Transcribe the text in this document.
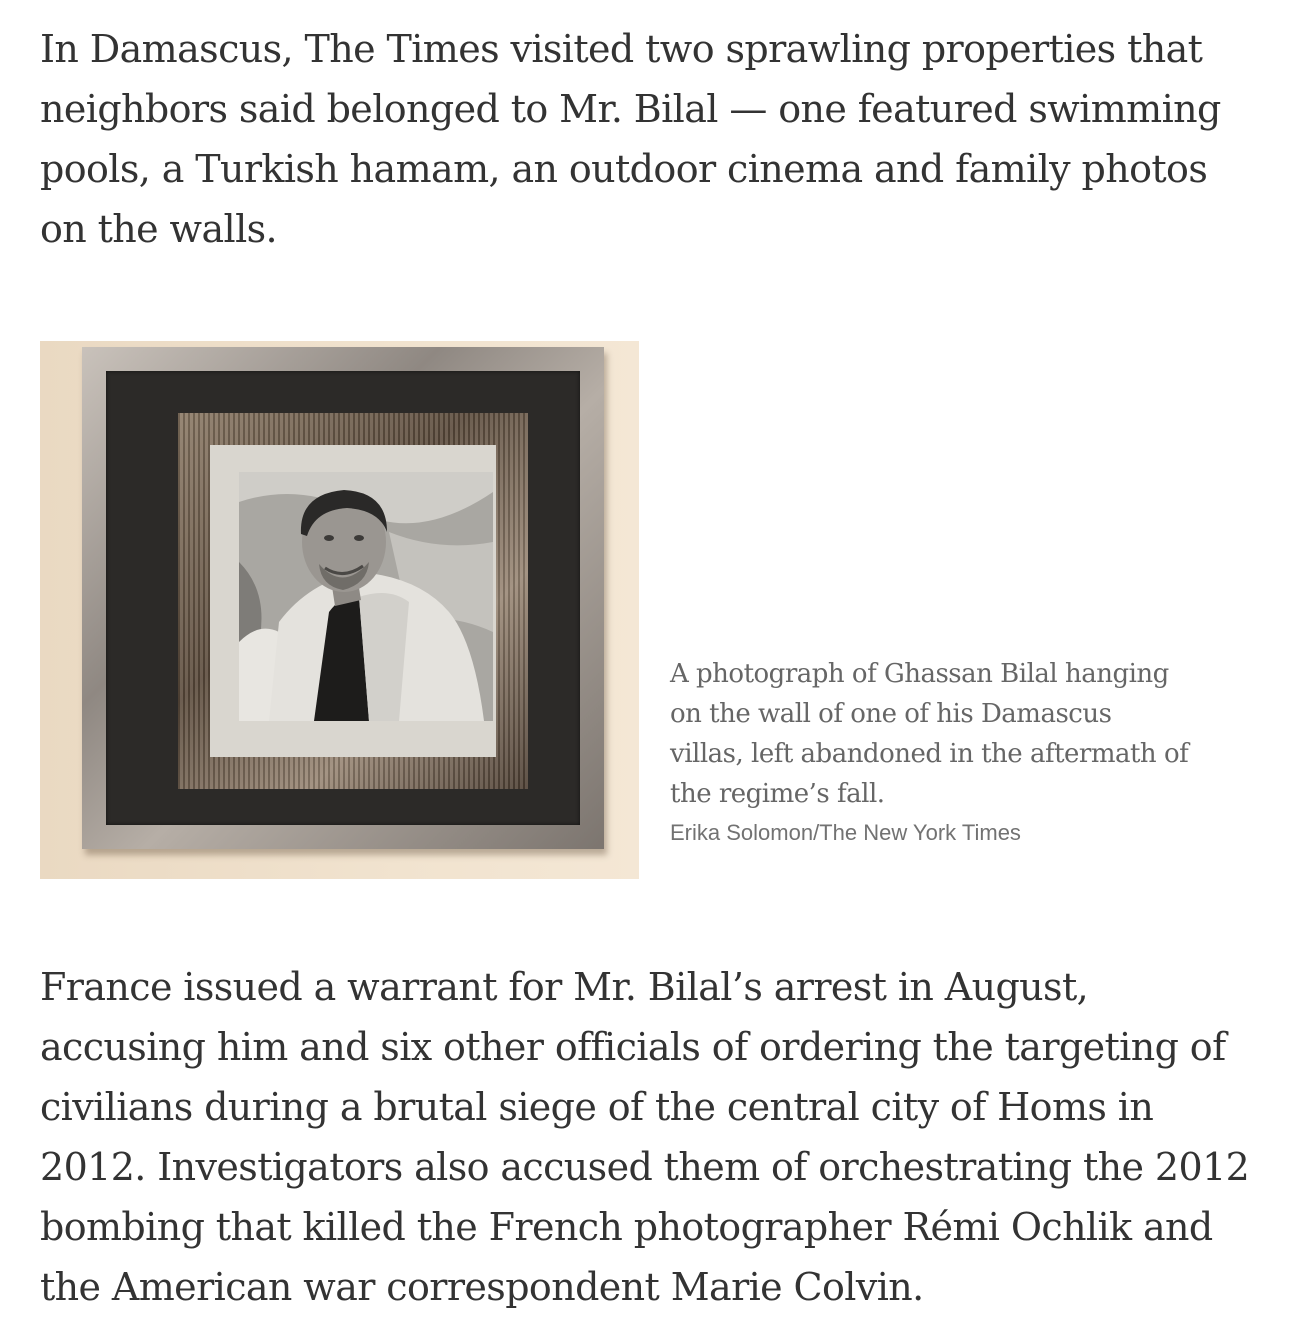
In Damascus, The Times visited two sprawling properties that neighbors said belonged to Mr. Bilal — one featured swimming pools, a Turkish hamam, an outdoor cinema and family photos on the walls.

A photograph of Ghassan Bilal hanging on the wall of one of his Damascus villas, left abandoned in the aftermath of the regime’s fall.

Erika Solomon/The New York Times

France issued a warrant for Mr. Bilal’s arrest in August, accusing him and six other officials of ordering the targeting of civilians during a brutal siege of the central city of Homs in 2012. Investigators also accused them of orchestrating the 2012 bombing that killed the French photographer Rémi Ochlik and the American war correspondent Marie Colvin.
